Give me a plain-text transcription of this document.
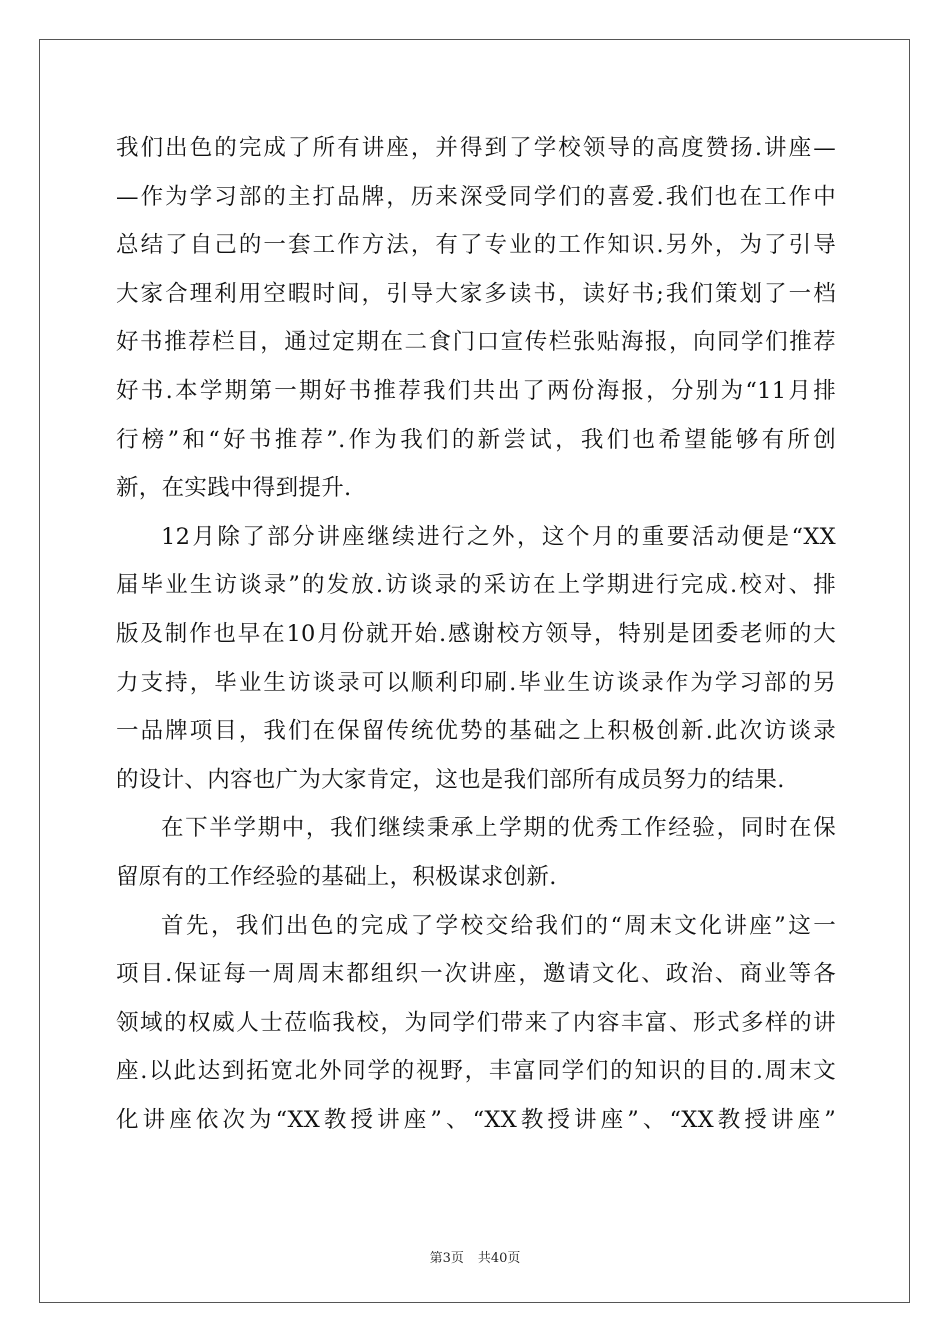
我们出色的完成了所有讲座，并得到了学校领导的高度赞扬.讲座—
—作为学习部的主打品牌，历来深受同学们的喜爱.我们也在工作中
总结了自己的一套工作方法，有了专业的工作知识.另外，为了引导
大家合理利用空暇时间，引导大家多读书，读好书;我们策划了一档
好书推荐栏目，通过定期在二食门口宣传栏张贴海报，向同学们推荐
好书.本学期第一期好书推荐我们共出了两份海报，分别为“11月排
行榜”和“好书推荐”.作为我们的新尝试，我们也希望能够有所创
新，在实践中得到提升.
12月除了部分讲座继续进行之外，这个月的重要活动便是“XX
届毕业生访谈录”的发放.访谈录的采访在上学期进行完成.校对、排
版及制作也早在10月份就开始.感谢校方领导，特别是团委老师的大
力支持，毕业生访谈录可以顺利印刷.毕业生访谈录作为学习部的另
一品牌项目，我们在保留传统优势的基础之上积极创新.此次访谈录
的设计、内容也广为大家肯定，这也是我们部所有成员努力的结果.
在下半学期中，我们继续秉承上学期的优秀工作经验，同时在保
留原有的工作经验的基础上，积极谋求创新.
首先，我们出色的完成了学校交给我们的“周末文化讲座”这一
项目.保证每一周周末都组织一次讲座，邀请文化、政治、商业等各
领域的权威人士莅临我校，为同学们带来了内容丰富、形式多样的讲
座.以此达到拓宽北外同学的视野，丰富同学们的知识的目的.周末文
化讲座依次为“XX教授讲座”、“XX教授讲座”、“XX教授讲座”
第3页 共40页
